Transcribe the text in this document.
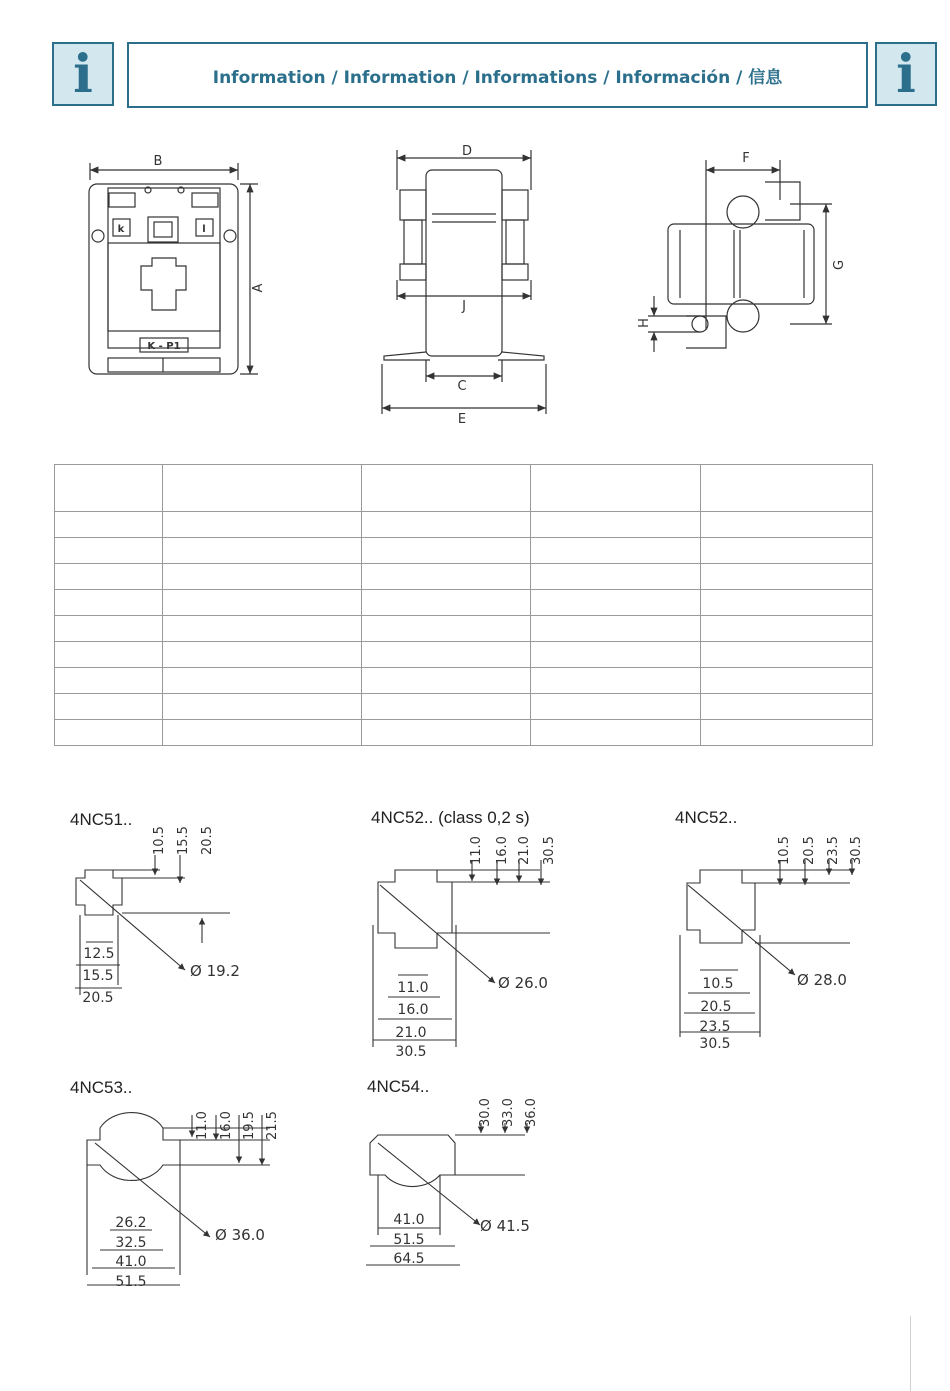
i	Information / Information / Informations / Información / 信息	i
B
A
k	l
K - P1
D
J
C
E
F
G
H

4NC51..	4NC52.. (class 0,2 s)	4NC52..
4NC53..	4NC54..
10.5 15.5 20.5
12.5
15.5
20.5
Ø 19.2
11.0 16.0 21.0 30.5
11.0
16.0
21.0
30.5
Ø 26.0
10.5 20.5 23.5 30.5
10.5
20.5
23.5
30.5
Ø 28.0
11.0 16.0 19.5 21.5
26.2
32.5
41.0
51.5
Ø 36.0
30.0 33.0 36.0
41.0
51.5
64.5
Ø 41.5
